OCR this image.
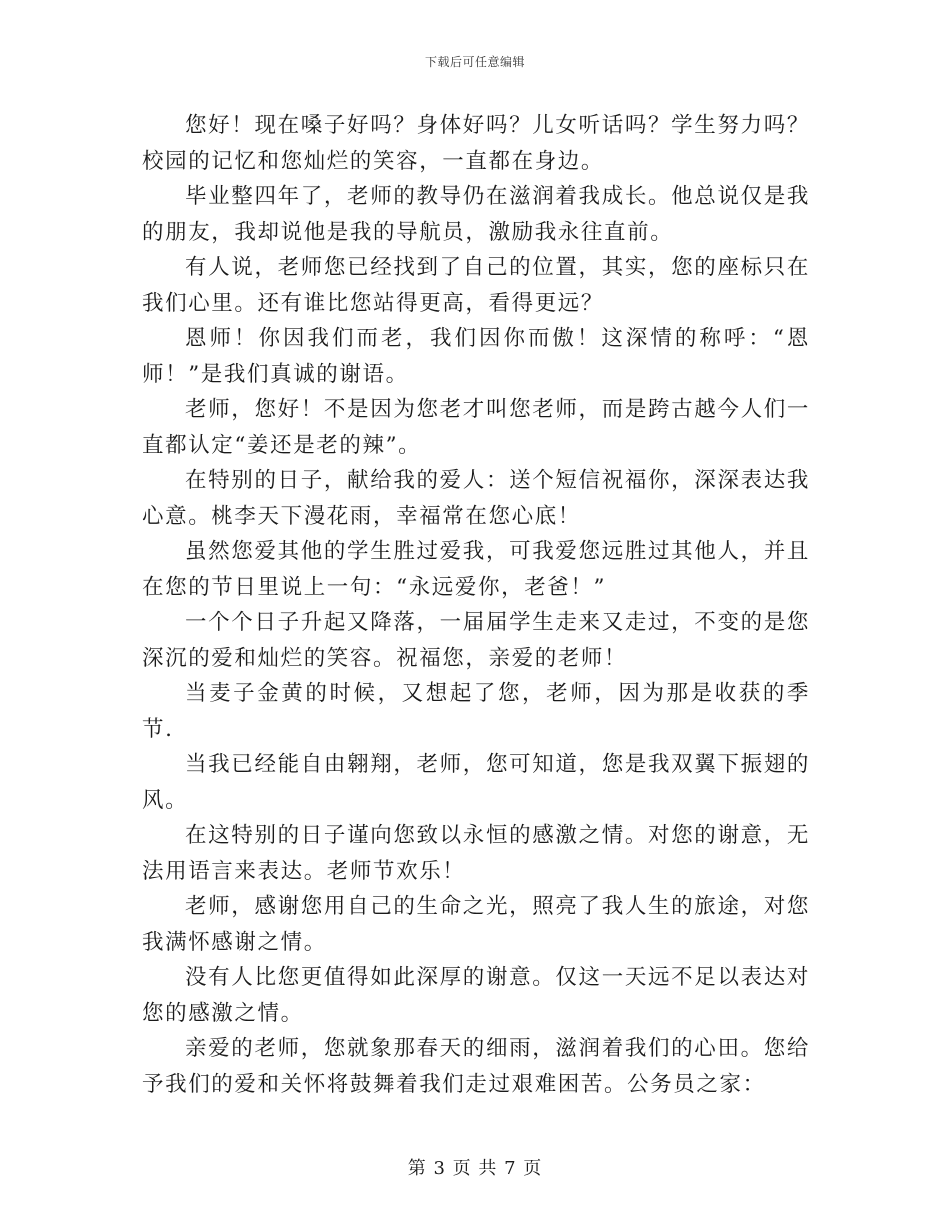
下载后可任意编辑

您好！现在嗓子好吗？身体好吗？儿女听话吗？学生努力吗？校园的记忆和您灿烂的笑容，一直都在身边。

毕业整四年了，老师的教导仍在滋润着我成长。他总说仅是我的朋友，我却说他是我的导航员，激励我永往直前。

有人说，老师您已经找到了自己的位置，其实，您的座标只在我们心里。还有谁比您站得更高，看得更远？

恩师！你因我们而老，我们因你而傲！这深情的称呼：“恩师！”是我们真诚的谢语。

老师，您好！不是因为您老才叫您老师，而是跨古越今人们一直都认定“姜还是老的辣”。

在特别的日子，献给我的爱人：送个短信祝福你，深深表达我心意。桃李天下漫花雨，幸福常在您心底！

虽然您爱其他的学生胜过爱我，可我爱您远胜过其他人，并且在您的节日里说上一句：“永远爱你，老爸！”

一个个日子升起又降落，一届届学生走来又走过，不变的是您深沉的爱和灿烂的笑容。祝福您，亲爱的老师！

当麦子金黄的时候，又想起了您，老师，因为那是收获的季节.

当我已经能自由翱翔，老师，您可知道，您是我双翼下振翅的风。

在这特别的日子谨向您致以永恒的感激之情。对您的谢意，无法用语言来表达。老师节欢乐！

老师，感谢您用自己的生命之光，照亮了我人生的旅途，对您我满怀感谢之情。

没有人比您更值得如此深厚的谢意。仅这一天远不足以表达对您的感激之情。

亲爱的老师，您就象那春天的细雨，滋润着我们的心田。您给予我们的爱和关怀将鼓舞着我们走过艰难困苦。公务员之家：

第 3 页 共 7 页
